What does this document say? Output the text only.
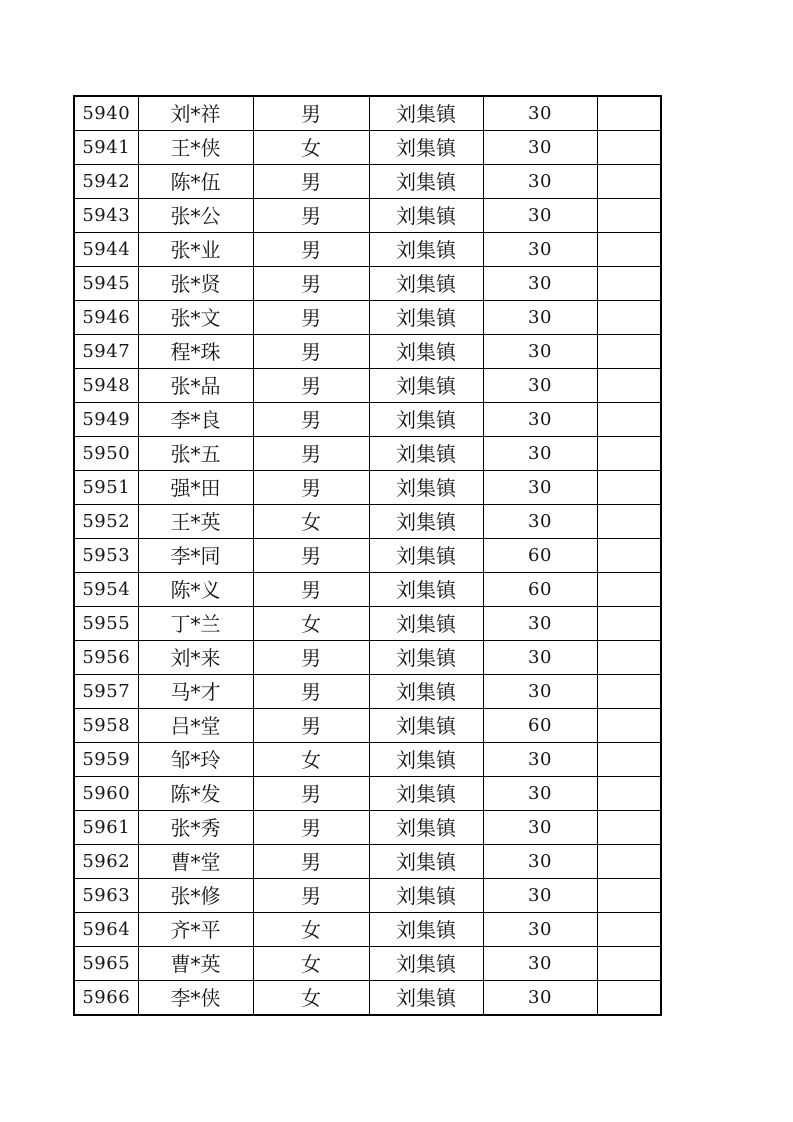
5940	刘*祥	男	刘集镇	30	
5941	王*侠	女	刘集镇	30	
5942	陈*伍	男	刘集镇	30	
5943	张*公	男	刘集镇	30	
5944	张*业	男	刘集镇	30	
5945	张*贤	男	刘集镇	30	
5946	张*文	男	刘集镇	30	
5947	程*珠	男	刘集镇	30	
5948	张*品	男	刘集镇	30	
5949	李*良	男	刘集镇	30	
5950	张*五	男	刘集镇	30	
5951	强*田	男	刘集镇	30	
5952	王*英	女	刘集镇	30	
5953	李*同	男	刘集镇	60	
5954	陈*义	男	刘集镇	60	
5955	丁*兰	女	刘集镇	30	
5956	刘*来	男	刘集镇	30	
5957	马*才	男	刘集镇	30	
5958	吕*堂	男	刘集镇	60	
5959	邹*玲	女	刘集镇	30	
5960	陈*发	男	刘集镇	30	
5961	张*秀	男	刘集镇	30	
5962	曹*堂	男	刘集镇	30	
5963	张*修	男	刘集镇	30	
5964	齐*平	女	刘集镇	30	
5965	曹*英	女	刘集镇	30	
5966	李*侠	女	刘集镇	30	
